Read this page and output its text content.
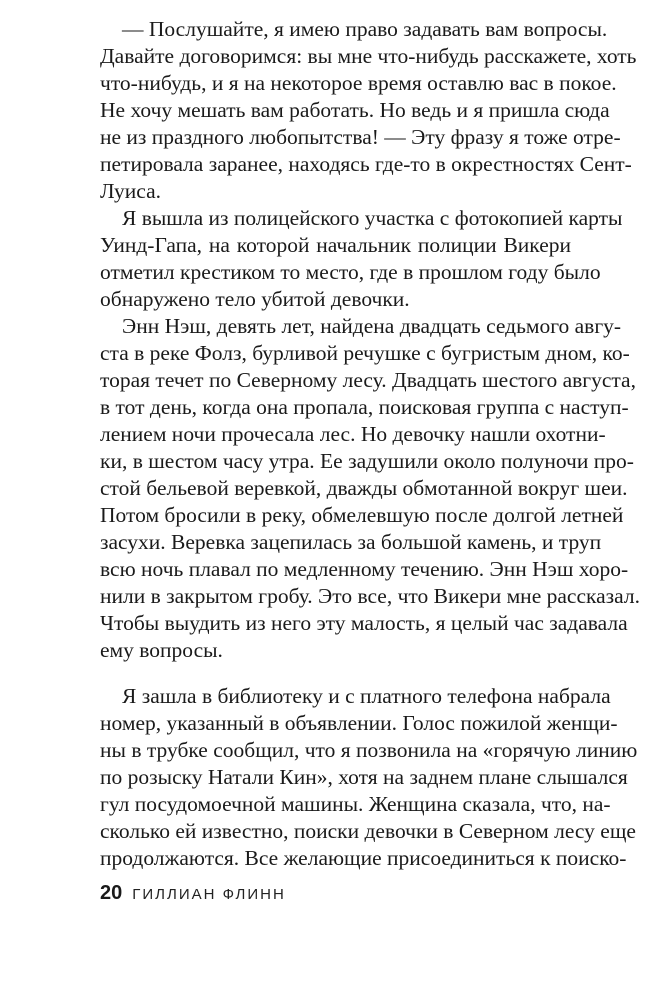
— Послушайте, я имею право задавать вам вопросы.
Давайте договоримся: вы мне что-нибудь расскажете, хоть
что-нибудь, и я на некоторое время оставлю вас в покое.
Не хочу мешать вам работать. Но ведь и я пришла сюда
не из праздного любопытства! — Эту фразу я тоже отре-
петировала заранее, находясь где-то в окрестностях Сент-
Луиса.
Я вышла из полицейского участка с фотокопией карты
Уинд-Гапа, на которой начальник полиции Викери
отметил крестиком то место, где в прошлом году было
обнаружено тело убитой девочки.
Энн Нэш, девять лет, найдена двадцать седьмого авгу-
ста в реке Фолз, бурливой речушке с бугристым дном, ко-
торая течет по Северному лесу. Двадцать шестого августа,
в тот день, когда она пропала, поисковая группа с наступ-
лением ночи прочесала лес. Но девочку нашли охотни-
ки, в шестом часу утра. Ее задушили около полуночи про-
стой бельевой веревкой, дважды обмотанной вокруг шеи.
Потом бросили в реку, обмелевшую после долгой летней
засухи. Веревка зацепилась за большой камень, и труп
всю ночь плавал по медленному течению. Энн Нэш хоро-
нили в закрытом гробу. Это все, что Викери мне рассказал.
Чтобы выудить из него эту малость, я целый час задавала
ему вопросы.
Я зашла в библиотеку и с платного телефона набрала
номер, указанный в объявлении. Голос пожилой женщи-
ны в трубке сообщил, что я позвонила на «горячую линию
по розыску Натали Кин», хотя на заднем плане слышался
гул посудомоечной машины. Женщина сказала, что, на-
сколько ей известно, поиски девочки в Северном лесу еще
продолжаются. Все желающие присоединиться к поиско-
20 ГИЛЛИАН ФЛИНН
